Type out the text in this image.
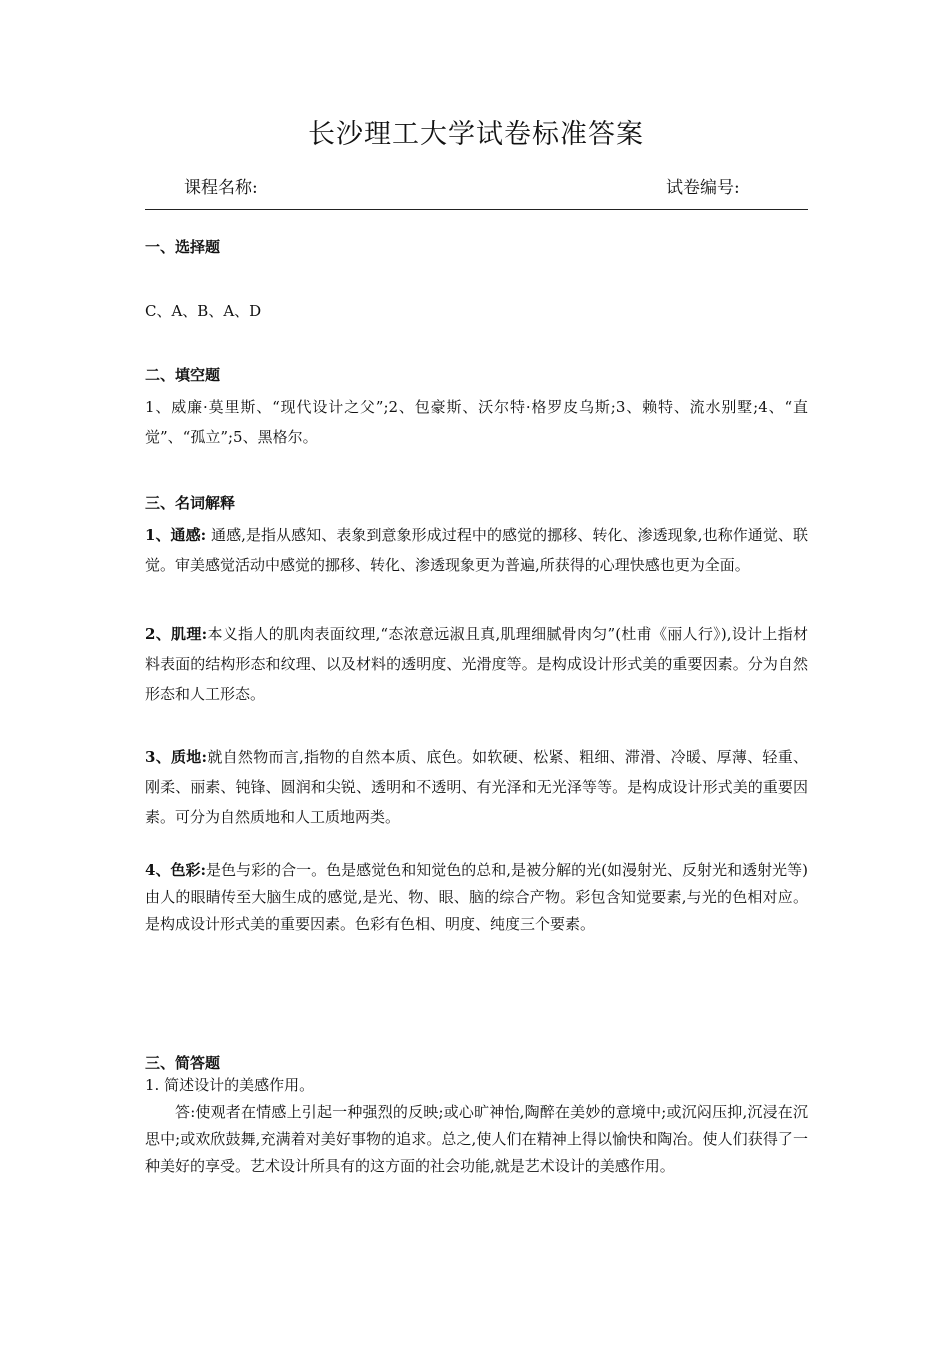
长沙理工大学试卷标准答案
课程名称:	试卷编号:
一、选择题
C、A、B、A、D
二、填空题
1、威廉·莫里斯、“现代设计之父”;2、包豪斯、沃尔特·格罗皮乌斯;3、赖特、流水别墅;4、“直觉”、“孤立”;5、黑格尔。
三、名词解释
1、通感: 通感,是指从感知、表象到意象形成过程中的感觉的挪移、转化、渗透现象,也称作通觉、联觉。审美感觉活动中感觉的挪移、转化、渗透现象更为普遍,所获得的心理快感也更为全面。
2、肌理:本义指人的肌肉表面纹理,“态浓意远淑且真,肌理细腻骨肉匀”(杜甫《丽人行》),设计上指材料表面的结构形态和纹理、以及材料的透明度、光滑度等。是构成设计形式美的重要因素。分为自然形态和人工形态。
3、质地:就自然物而言,指物的自然本质、底色。如软硬、松紧、粗细、滞滑、冷暖、厚薄、轻重、刚柔、丽素、钝锋、圆润和尖锐、透明和不透明、有光泽和无光泽等等。是构成设计形式美的重要因素。可分为自然质地和人工质地两类。
4、色彩:是色与彩的合一。色是感觉色和知觉色的总和,是被分解的光(如漫射光、反射光和透射光等)由人的眼睛传至大脑生成的感觉,是光、物、眼、脑的综合产物。彩包含知觉要素,与光的色相对应。是构成设计形式美的重要因素。色彩有色相、明度、纯度三个要素。
三、简答题
1. 简述设计的美感作用。
答:使观者在情感上引起一种强烈的反映;或心旷神怡,陶醉在美妙的意境中;或沉闷压抑,沉浸在沉思中;或欢欣鼓舞,充满着对美好事物的追求。总之,使人们在精神上得以愉快和陶冶。使人们获得了一种美好的享受。艺术设计所具有的这方面的社会功能,就是艺术设计的美感作用。
